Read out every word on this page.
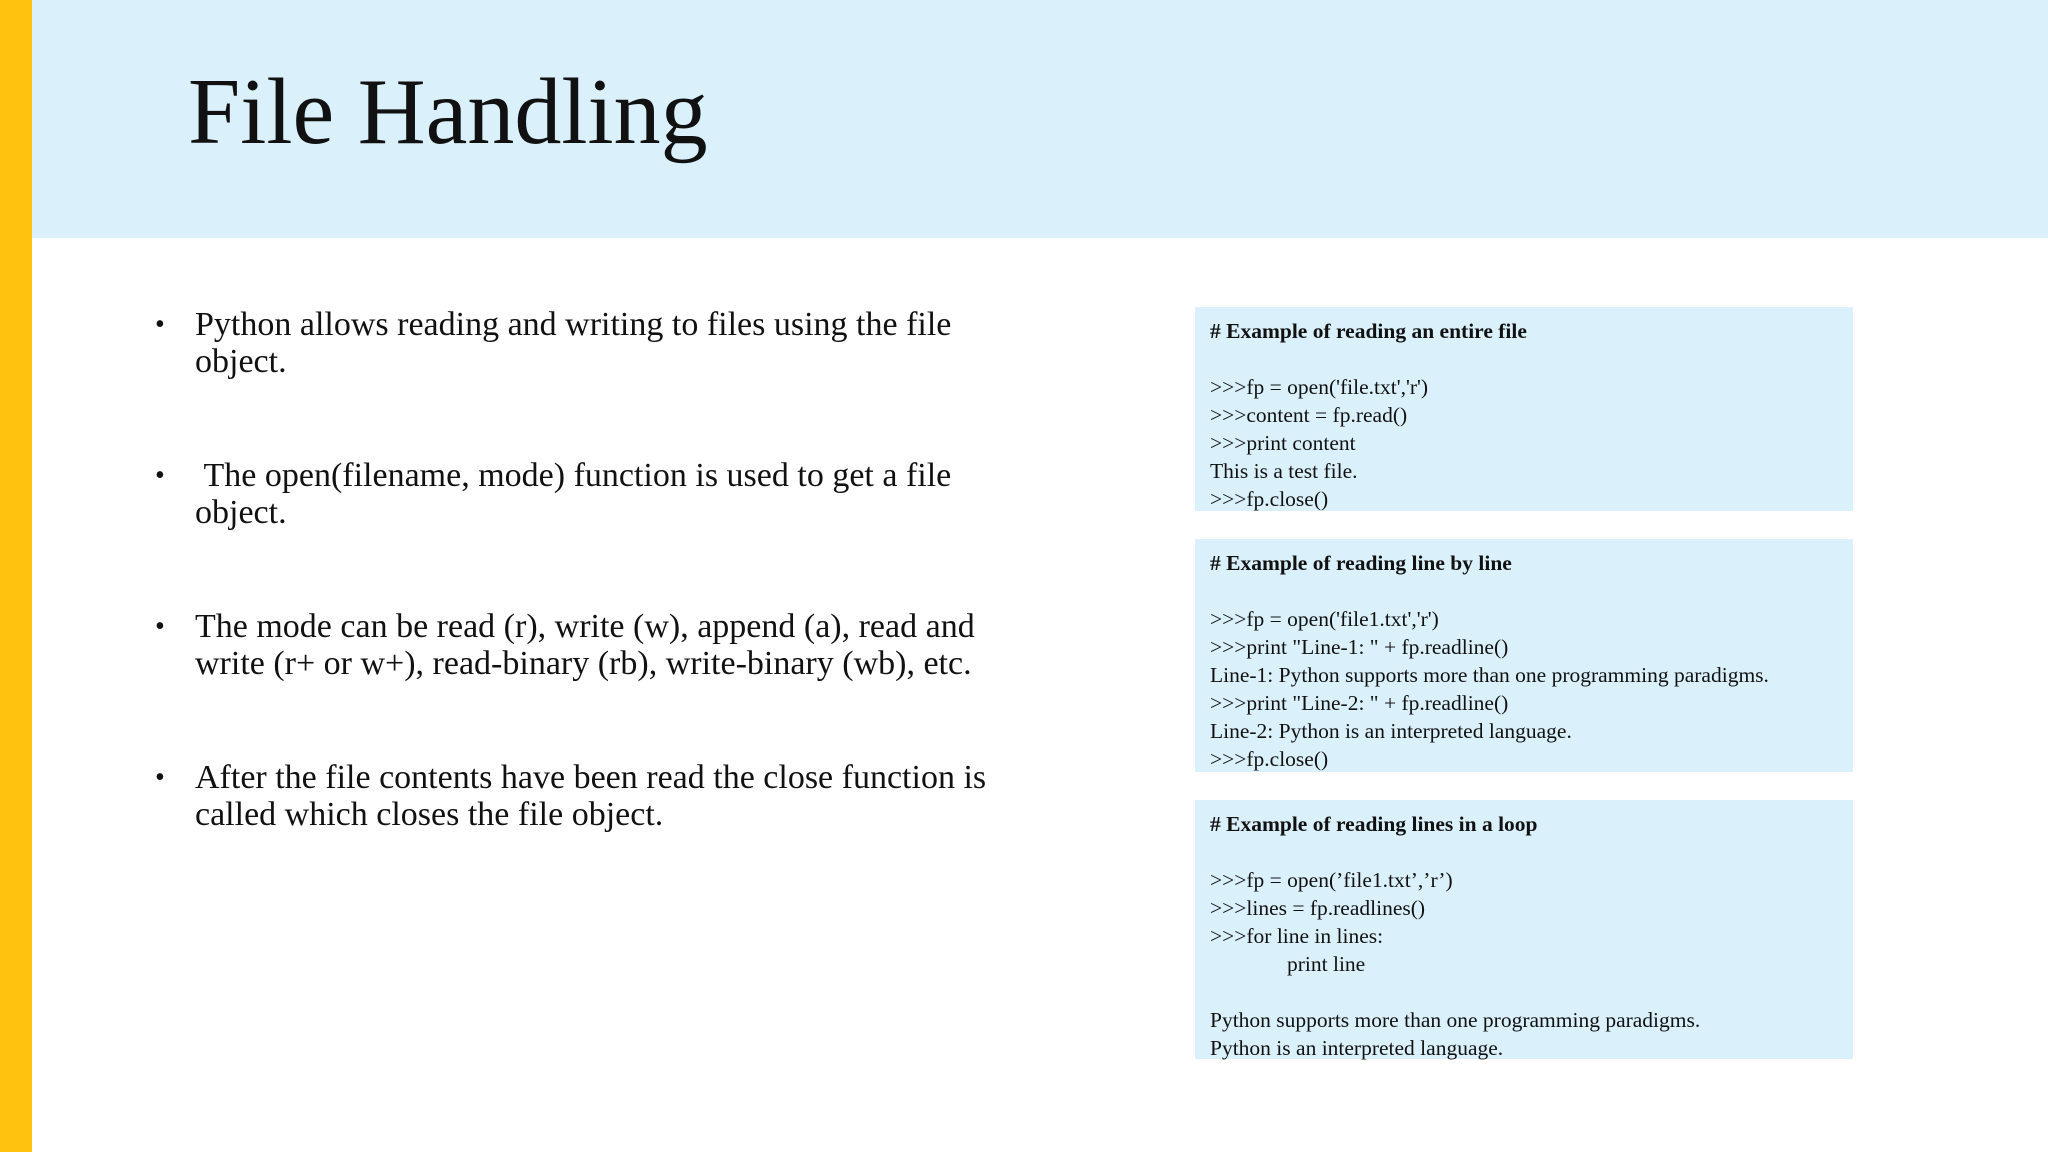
File Handling
• Python allows reading and writing to files using the file object.
• The open(filename, mode) function is used to get a file object.
• The mode can be read (r), write (w), append (a), read and write (r+ or w+), read-binary (rb), write-binary (wb), etc.
• After the file contents have been read the close function is called which closes the file object.
# Example of reading an entire file
>>>fp = open('file.txt','r')
>>>content = fp.read()
>>>print content
This is a test file.
>>>fp.close()
# Example of reading line by line
>>>fp = open('file1.txt','r')
>>>print "Line-1: " + fp.readline()
Line-1: Python supports more than one programming paradigms.
>>>print "Line-2: " + fp.readline()
Line-2: Python is an interpreted language.
>>>fp.close()
# Example of reading lines in a loop
>>>fp = open(’file1.txt’,’r’)
>>>lines = fp.readlines()
>>>for line in lines:
print line
Python supports more than one programming paradigms.
Python is an interpreted language.
